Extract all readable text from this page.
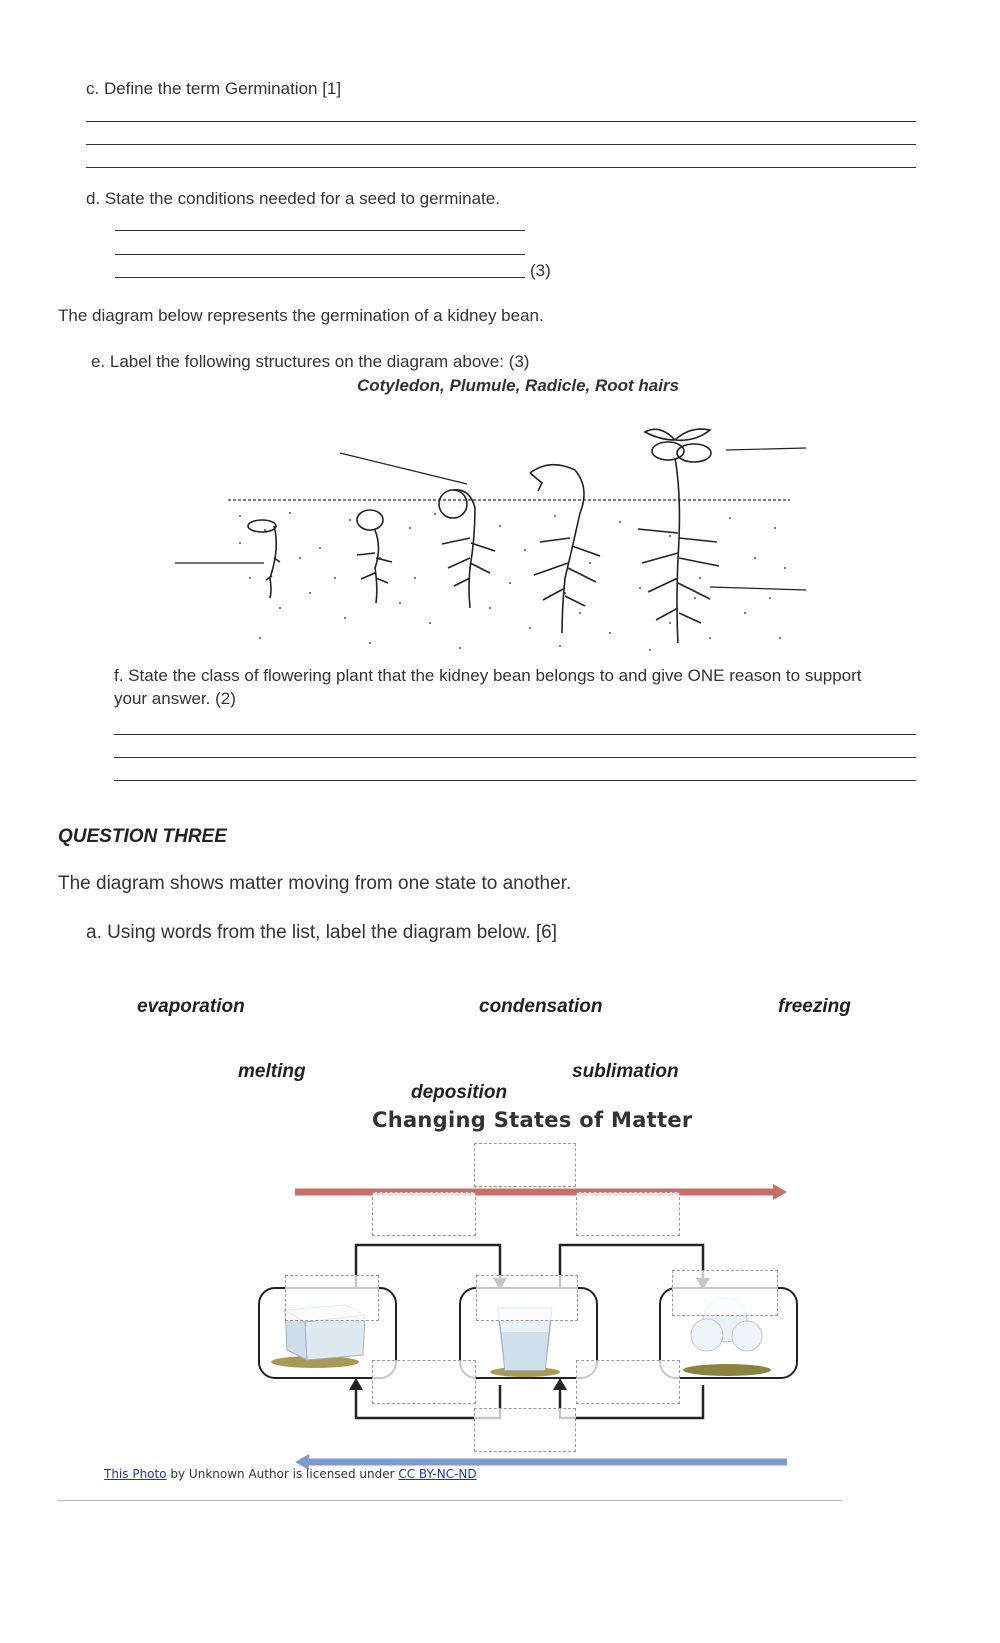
c. Define the term Germination [1]
d. State the conditions needed for a seed to germinate.
(3)
The diagram below represents the germination of a kidney bean.
e. Label the following structures on the diagram above: (3)
Cotyledon, Plumule, Radicle, Root hairs
f. State the class of flowering plant that the kidney bean belongs to and give ONE reason to support
your answer. (2)
QUESTION THREE
The diagram shows matter moving from one state to another.
a. Using words from the list, label the diagram below. [6]
evaporation	condensation	freezing
melting	sublimation
deposition
Changing States of Matter
This Photo by Unknown Author is licensed under CC BY-NC-ND
